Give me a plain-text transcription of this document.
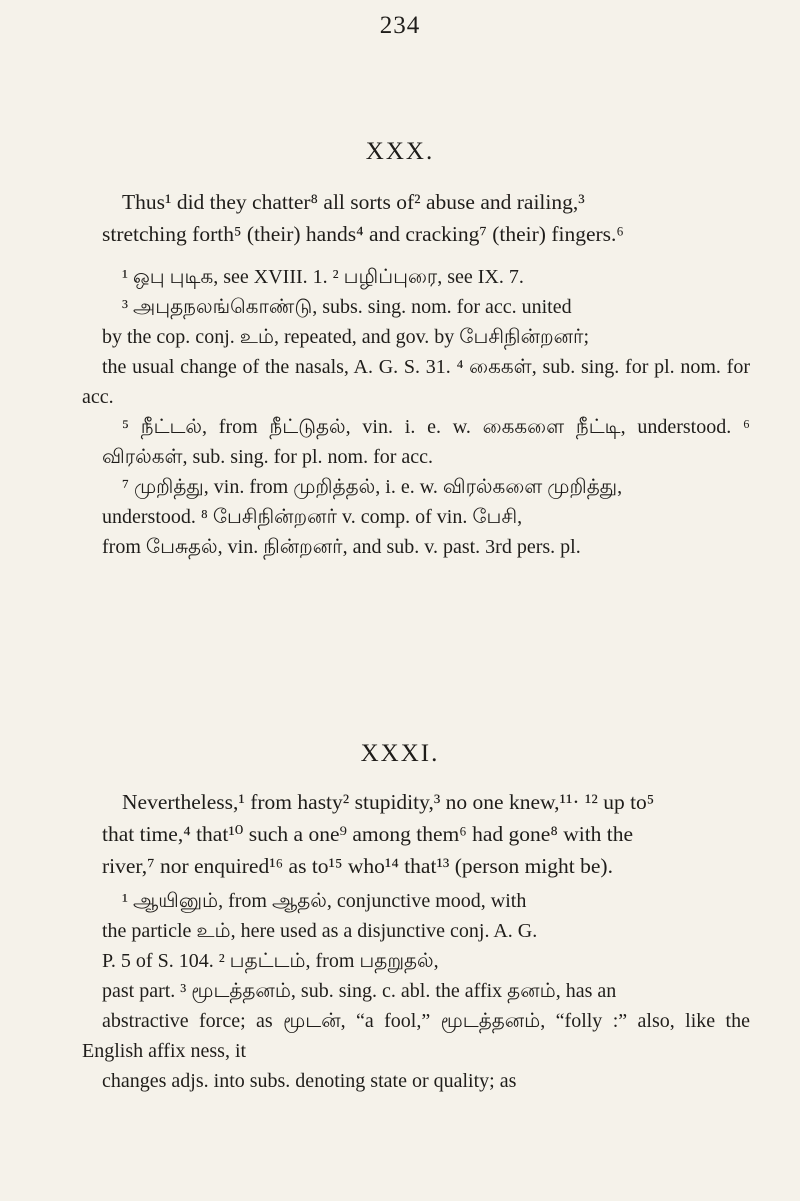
234
XXX.

Thus¹ did they chatter⁸ all sorts of² abuse and railing,³
stretching forth⁵ (their) hands⁴ and cracking⁷ (their) fingers.⁶

¹ ஒபு புடிக, see XVIII. 1. ² பழிப்புரை, see IX. 7.
³ அபுதநலங்கொண்டு, subs. sing. nom. for acc. united
by the cop. conj. உம், repeated, and gov. by பேசிநின்றனர்;
the usual change of the nasals, A. G. S. 31. ⁴ கைகள், sub. sing. for pl. nom. for acc.
⁵ நீட்டல், from நீட்டுதல், vin. i. e. w. கைகளை நீட்டி, understood. ⁶ விரல்கள், sub. sing. for pl. nom. for acc.
⁷ முறித்து, vin. from முறித்தல், i. e. w. விரல்களை முறித்து,
understood. ⁸ பேசிநின்றனர் v. comp. of vin. பேசி,
from பேசுதல், vin. நின்றனர், and sub. v. past. 3rd pers. pl.

XXXI.

Nevertheless,¹ from hasty² stupidity,³ no one knew,¹¹· ¹² up to⁵
that time,⁴ that¹⁰ such a one⁹ among them⁶ had gone⁸ with the
river,⁷ nor enquired¹⁶ as to¹⁵ who¹⁴ that¹³ (person might be).

¹ ஆயினும், from ஆதல், conjunctive mood, with
the particle உம், here used as a disjunctive conj. A. G.
P. 5 of S. 104. ² பதட்டம், from பதறுதல்,
past part. ³ மூடத்தனம், sub. sing. c. abl. the affix தனம், has an
abstractive force; as மூடன், “a fool,” மூடத்தனம், “folly :” also, like the English affix ness, it
changes adjs. into subs. denoting state or quality; as
